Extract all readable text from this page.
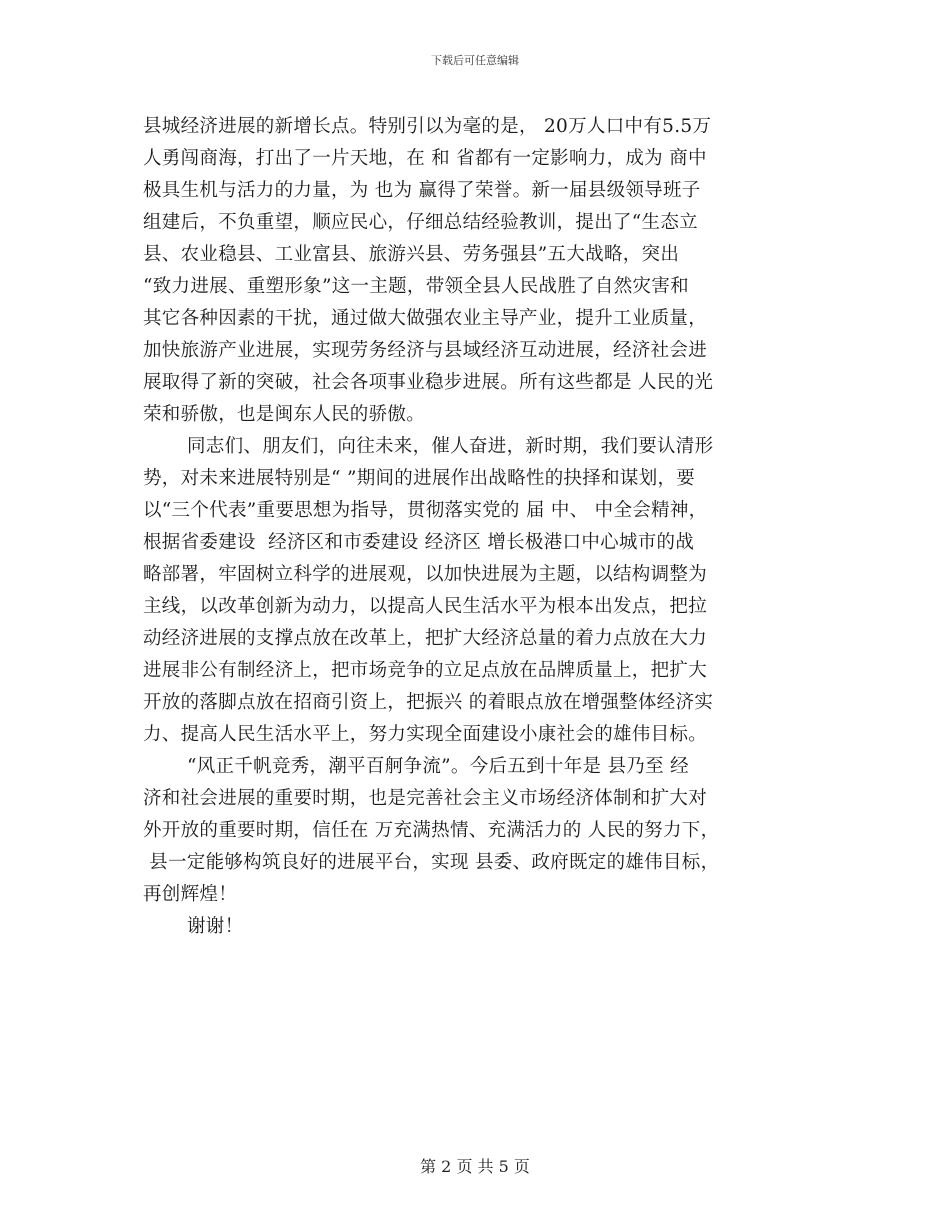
下载后可任意编辑
县城经济进展的新增长点。特别引以为毫的是， 20万人口中有5.5万
人勇闯商海，打出了一片天地，在 和 省都有一定影响力，成为 商中
极具生机与活力的力量，为 也为 赢得了荣誉。新一届县级领导班子
组建后，不负重望，顺应民心，仔细总结经验教训，提出了“生态立
县、农业稳县、工业富县、旅游兴县、劳务强县”五大战略，突出
“致力进展、重塑形象”这一主题，带领全县人民战胜了自然灾害和
其它各种因素的干扰，通过做大做强农业主导产业，提升工业质量，
加快旅游产业进展，实现劳务经济与县域经济互动进展，经济社会进
展取得了新的突破，社会各项事业稳步进展。所有这些都是 人民的光
荣和骄傲，也是闽东人民的骄傲。
同志们、朋友们，向往未来，催人奋进，新时期，我们要认清形
势，对未来进展特别是“ ”期间的进展作出战略性的抉择和谋划，要
以“三个代表”重要思想为指导，贯彻落实党的 届 中、 中全会精神，
根据省委建设  经济区和市委建设 经济区 增长极港口中心城市的战
略部署，牢固树立科学的进展观，以加快进展为主题，以结构调整为
主线，以改革创新为动力，以提高人民生活水平为根本出发点，把拉
动经济进展的支撑点放在改革上，把扩大经济总量的着力点放在大力
进展非公有制经济上，把市场竞争的立足点放在品牌质量上，把扩大
开放的落脚点放在招商引资上，把振兴 的着眼点放在增强整体经济实
力、提高人民生活水平上，努力实现全面建设小康社会的雄伟目标。
“风正千帆竞秀，潮平百舸争流”。今后五到十年是 县乃至 经
济和社会进展的重要时期，也是完善社会主义市场经济体制和扩大对
外开放的重要时期，信任在 万充满热情、充满活力的 人民的努力下，
县一定能够构筑良好的进展平台，实现 县委、政府既定的雄伟目标，
再创辉煌！
谢谢！
第 2 页 共 5 页
